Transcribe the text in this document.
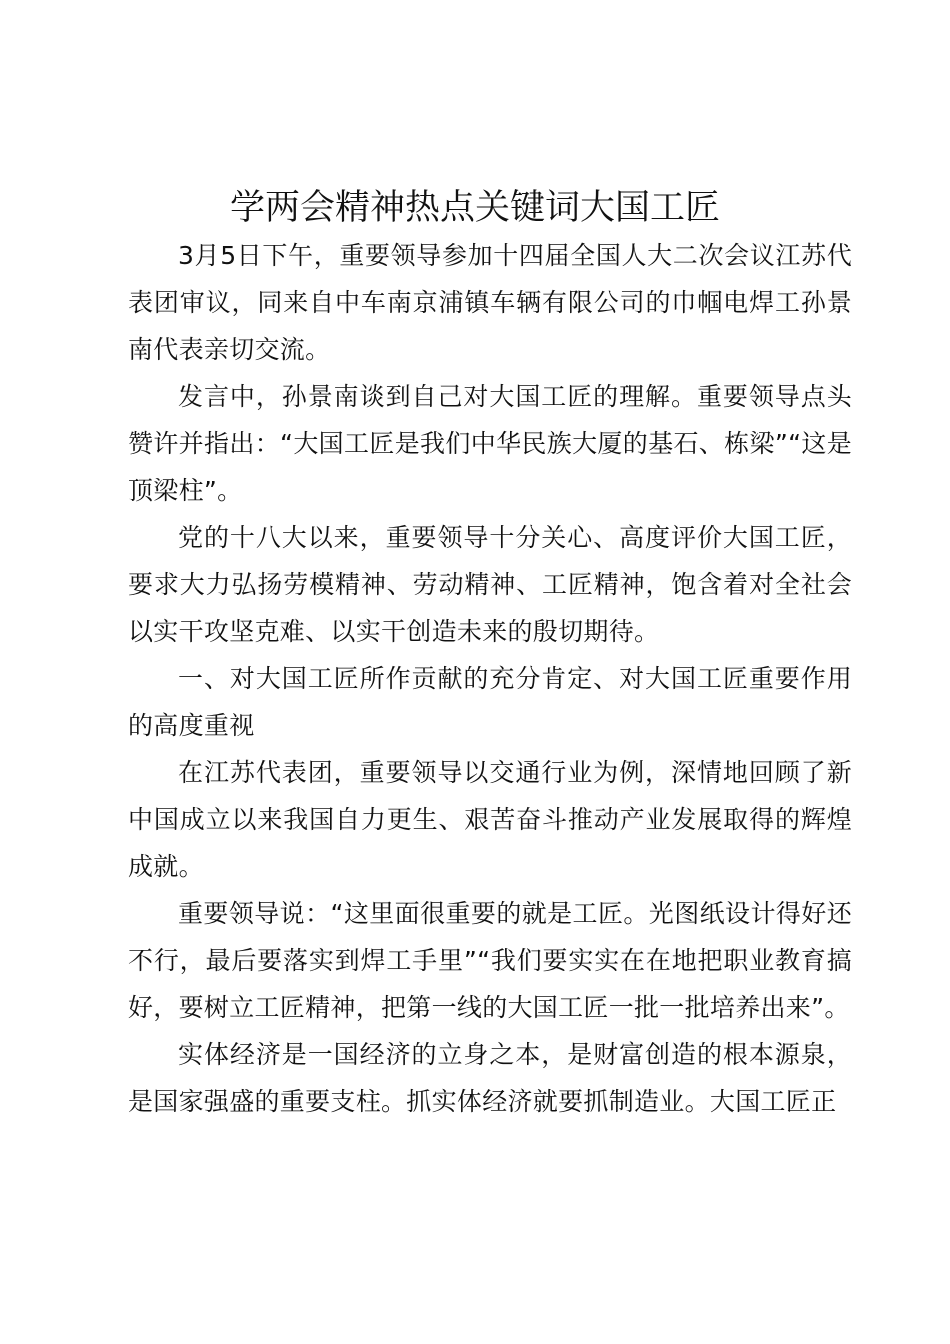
学两会精神热点关键词大国工匠

3月5日下午，重要领导参加十四届全国人大二次会议江苏代表团审议，同来自中车南京浦镇车辆有限公司的巾帼电焊工孙景南代表亲切交流。

发言中，孙景南谈到自己对大国工匠的理解。重要领导点头赞许并指出：“大国工匠是我们中华民族大厦的基石、栋梁”“这是顶梁柱”。

党的十八大以来，重要领导十分关心、高度评价大国工匠，要求大力弘扬劳模精神、劳动精神、工匠精神，饱含着对全社会以实干攻坚克难、以实干创造未来的殷切期待。

一、对大国工匠所作贡献的充分肯定、对大国工匠重要作用的高度重视

在江苏代表团，重要领导以交通行业为例，深情地回顾了新中国成立以来我国自力更生、艰苦奋斗推动产业发展取得的辉煌成就。

重要领导说：“这里面很重要的就是工匠。光图纸设计得好还不行，最后要落实到焊工手里”“我们要实实在在地把职业教育搞好，要树立工匠精神，把第一线的大国工匠一批一批培养出来”。

实体经济是一国经济的立身之本，是财富创造的根本源泉，是国家强盛的重要支柱。抓实体经济就要抓制造业。大国工匠正
